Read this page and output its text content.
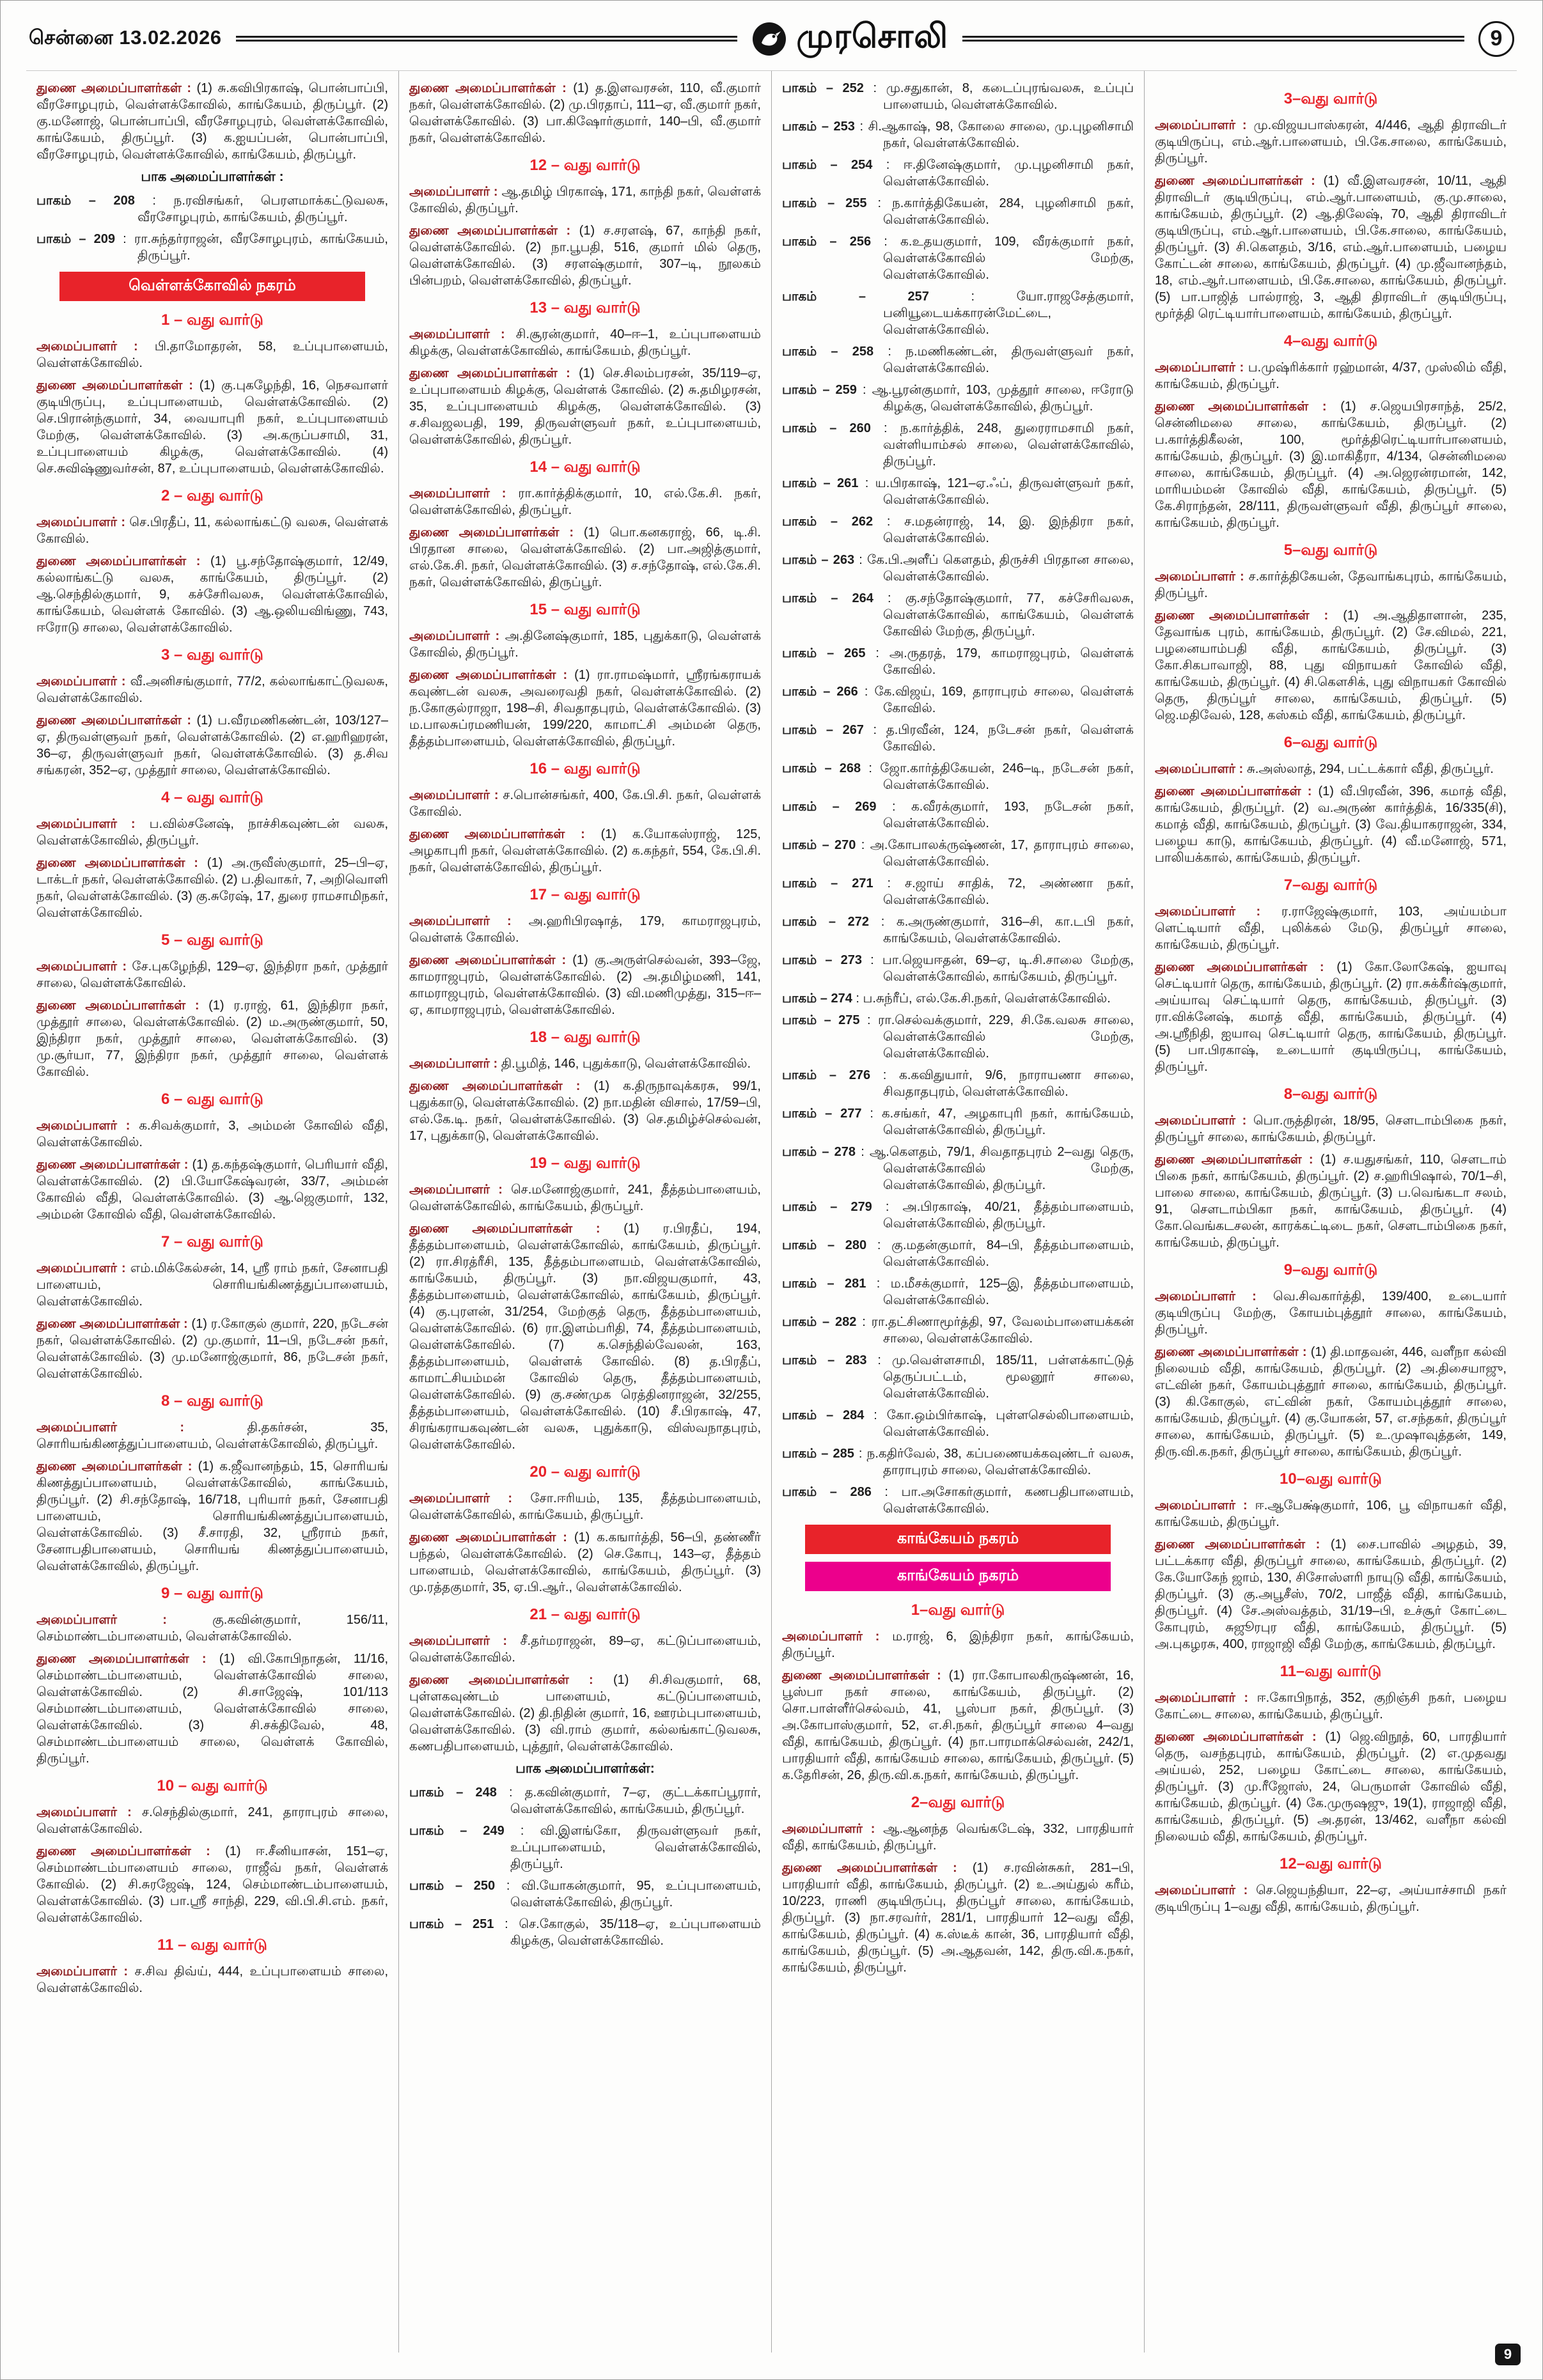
சென்னை 13.02.2026	முரசொலி	9

துணை அமைப்பாளர்கள் : (1) சு.கவிபிரகாஷ், பொன்பாப்பி, வீரசோழபுரம், வெள்ளக்கோவில், காங்கேயம், திருப்பூர். (2) கு.மனோஜ், பொன்பாப்பி, வீரசோழபுரம், வெள்ளக்கோவில், காங்கேயம், திருப்பூர். (3) க.ஐயப்பன், பொன்பாப்பி, வீரசோழபுரம், வெள்ளக்கோவில், காங்கேயம், திருப்பூர்.

பாக அமைப்பாளர்கள் :

பாகம் – 208 : ந.ரவிசங்கர், பெரளமாக்கட்டுவலசு, வீரசோழபுரம், காங்கேயம், திருப்பூர்.

பாகம் – 209 : ரா.சுந்தர்ராஜன், வீரசோழபுரம், காங்கேயம், திருப்பூர்.

வெள்ளக்கோவில் நகரம்
1 – வது வார்டு

அமைப்பாளர் : பி.தாமோதரன், 58, உப்புபாளையம், வெள்ளக்கோவில்.

துணை அமைப்பாளர்கள் : (1) கு.புகழேந்தி, 16, நெசவாளர் குடியிருப்பு, உப்புபாளையம், வெள்ளக்கோவில். (2) செ.பிரான்ந்குமார், 34, வையாபுரி நகர், உப்புபாளையம் மேற்கு, வெள்ளக்கோவில். (3) அ.கருப்பசாமி, 31, உப்புபாளையம் கிழக்கு, வெள்ளக்கோவில். (4) செ.சுவிஷ்ணுவர்சன், 87, உப்புபாளையம், வெள்ளக்கோவில்.

2 – வது வார்டு

அமைப்பாளர் : செ.பிரதீப், 11, கல்லாங்கட்டு வலசு, வெள்ளக் கோவில்.

துணை அமைப்பாளர்கள் : (1) பூ.சந்தோஷ்குமார், 12/49, கல்லாங்கட்டு வலசு, காங்கேயம், திருப்பூர். (2) ஆ.செந்தில்குமார், 9, கச்சேரிவலசு, வெள்ளக்கோவில், காங்கேயம், வெள்ளக் கோவில். (3) ஆ.ஒலியவிங்ணு, 743, ஈரோடு சாலை, வெள்ளக்கோவில்.

3 – வது வார்டு

அமைப்பாளர் : வீ.அனிசங்குமார், 77/2, கல்லாங்காட்டுவலசு, வெள்ளக்கோவில்.

துணை அமைப்பாளர்கள் : (1) ப.வீரமணிகண்டன், 103/127–ஏ, திருவள்ளுவர் நகர், வெள்ளக்கோவில். (2) எ.ஹரிஹரன், 36–ஏ, திருவள்ளுவர் நகர், வெள்ளக்கோவில். (3) த.சிவ சங்கரன், 352–ஏ, முத்தூர் சாலை, வெள்ளக்கோவில்.

4 – வது வார்டு

அமைப்பாளர் : ப.வில்சனேஷ், நாச்சிகவுண்டன் வலசு, வெள்ளக்கோவில், திருப்பூர்.

துணை அமைப்பாளர்கள் : (1) அ.ருவீஸ்குமார், 25–பி–ஏ, டாக்டர் நகர், வெள்ளக்கோவில். (2) ப.திவாகர், 7, அறிவொளி நகர், வெள்ளக்கோவில். (3) கு.சுரேஷ், 17, துரை ராமசாமிநகர், வெள்ளக்கோவில்.

5 – வது வார்டு

அமைப்பாளர் : சே.புகழேந்தி, 129–ஏ, இந்திரா நகர், முத்தூர் சாலை, வெள்ளக்கோவில்.

துணை அமைப்பாளர்கள் : (1) ர.ராஜ், 61, இந்திரா நகர், முத்தூர் சாலை, வெள்ளக்கோவில். (2) ம.அருண்குமார், 50, இந்திரா நகர், முத்தூர் சாலை, வெள்ளக்கோவில். (3) மு.சூர்யா, 77, இந்திரா நகர், முத்தூர் சாலை, வெள்ளக் கோவில்.

6 – வது வார்டு

அமைப்பாளர் : க.சிவக்குமார், 3, அம்மன் கோவில் வீதி, வெள்ளக்கோவில்.

துணை அமைப்பாளர்கள் : (1) த.கந்தஷ்குமார், பெரியார் வீதி, வெள்ளக்கோவில். (2) பி.யோகேஷ்வரன், 33/7, அம்மன் கோவில் வீதி, வெள்ளக்கோவில். (3) ஆ.ஜெகுமார், 132, அம்மன் கோவில் வீதி, வெள்ளக்கோவில்.

7 – வது வார்டு

அமைப்பாளர் : எம்.மிக்கேல்சன், 14, ஸ்ரீ ராம் நகர், சேனாபதி பாளையம், சொரியங்கிணத்துப்பாளையம், வெள்ளக்கோவில்.

துணை அமைப்பாளர்கள் : (1) ர.கோகுல் குமார், 220, நடேசன் நகர், வெள்ளக்கோவில். (2) மு.குமார், 11–பி, நடேசன் நகர், வெள்ளக்கோவில். (3) மு.மனோஜ்குமார், 86, நடேசன் நகர், வெள்ளக்கோவில்.

8 – வது வார்டு

அமைப்பாளர் : தி.தகர்சன், 35, சொரியங்கிணத்துப்பாளையம், வெள்ளக்கோவில், திருப்பூர்.

துணை அமைப்பாளர்கள் : (1) க.ஜீவானந்தம், 15, சொரியங் கிணத்துப்பாளையம், வெள்ளக்கோவில், காங்கேயம், திருப்பூர். (2) சி.சந்தோஷ், 16/718, புரியார் நகர், சேனாபதி பாளையம், சொரியங்கிணத்துப்பாளையம், வெள்ளக்கோவில். (3) சீ.சாரதி, 32, ஸ்ரீராம் நகர், சேனாபதிபாளையம், சொரியங் கிணத்துப்பாளையம், வெள்ளக்கோவில், திருப்பூர்.

9 – வது வார்டு

அமைப்பாளர் : கு.கவின்குமார், 156/11, செம்மாண்டம்பாளையம், வெள்ளக்கோவில்.

துணை அமைப்பாளர்கள் : (1) வி.கோபிநாதன், 11/16, செம்மாண்டம்பாளையம், வெள்ளக்கோவில் சாலை, வெள்ளக்கோவில். (2) சி.சாஜேஷ், 101/113 செம்மாண்டம்பாளையம், வெள்ளக்கோவில் சாலை, வெள்ளக்கோவில். (3) சி.சக்திவேல், 48, செம்மாண்டம்பாளையம் சாலை, வெள்ளக் கோவில், திருப்பூர்.

10 – வது வார்டு

அமைப்பாளர் : ச.செந்தில்குமார், 241, தாராபுரம் சாலை, வெள்ளக்கோவில்.

துணை அமைப்பாளர்கள் : (1) ஈ.சீனியாசன், 151–ஏ, செம்மாண்டம்பாளையம் சாலை, ராஜீவ் நகர், வெள்ளக் கோவில். (2) சி.சுரஜேஷ், 124, செம்மாண்டம்பாளையம், வெள்ளக்கோவில். (3) பா.ஸ்ரீ சாந்தி, 229, வி.பி.சி.எம். நகர், வெள்ளக்கோவில்.

11 – வது வார்டு

அமைப்பாளர் : ச.சிவ திவ்ய், 444, உப்புபாளையம் சாலை, வெள்ளக்கோவில்.

துணை அமைப்பாளர்கள் : (1) த.இளவரசன், 110, வீ.குமார் நகர், வெள்ளக்கோவில். (2) மு.பிரதாப், 111–ஏ, வீ.குமார் நகர், வெள்ளக்கோவில். (3) பா.கிஷோர்குமார், 140–பி, வீ.குமார் நகர், வெள்ளக்கோவில்.

12 – வது வார்டு

அமைப்பாளர் : ஆ.தமிழ் பிரகாஷ், 171, காந்தி நகர், வெள்ளக் கோவில், திருப்பூர்.

துணை அமைப்பாளர்கள் : (1) ச.சரளஷ், 67, காந்தி நகர், வெள்ளக்கோவில். (2) நா.பூபதி, 516, குமார் மில் தெரு, வெள்ளக்கோவில். (3) சரளஷ்குமார், 307–டி, நூலகம் பின்பறம், வெள்ளக்கோவில், திருப்பூர்.

13 – வது வார்டு

அமைப்பாளர் : சி.சூரன்குமார், 40–ஈ–1, உப்புபாளையம் கிழக்கு, வெள்ளக்கோவில், காங்கேயம், திருப்பூர்.

துணை அமைப்பாளர்கள் : (1) செ.சிலம்பரசன், 35/119–ஏ, உப்புபாளையம் கிழக்கு, வெள்ளக் கோவில். (2) சு.தமிழரசன், 35, உப்புபாளையம் கிழக்கு, வெள்ளக்கோவில். (3) ச.சிவஜலபதி, 199, திருவள்ளுவர் நகர், உப்புபாளையம், வெள்ளக்கோவில், திருப்பூர்.

14 – வது வார்டு

அமைப்பாளர் : ரா.கார்த்திக்குமார், 10, எல்.கே.சி. நகர், வெள்ளக்கோவில், திருப்பூர்.

துணை அமைப்பாளர்கள் : (1) பொ.கனகராஜ், 66, டி.சி. பிரதான சாலை, வெள்ளக்கோவில். (2) பா.அஜித்குமார், எல்.கே.சி. நகர், வெள்ளக்கோவில். (3) ச.சந்தோஷ், எல்.கே.சி. நகர், வெள்ளக்கோவில், திருப்பூர்.

15 – வது வார்டு

அமைப்பாளர் : அ.தினேஷ்குமார், 185, புதுக்காடு, வெள்ளக் கோவில், திருப்பூர்.

துணை அமைப்பாளர்கள் : (1) ரா.ராமஷ்மார், ஸ்ரீரங்கராயக் கவுண்டன் வலசு, அவரைவதி நகர், வெள்ளக்கோவில். (2) ந.கோகுல்ராஜா, 198–சி, சிவதாதபுரம், வெள்ளக்கோவில். (3) ம.பாலசுப்ரமணியன், 199/220, காமாட்சி அம்மன் தெரு, தீத்தம்பாளையம், வெள்ளக்கோவில், திருப்பூர்.

16 – வது வார்டு

அமைப்பாளர் : ச.பொன்சங்கர், 400, கே.பி.சி. நகர், வெள்ளக் கோவில்.

துணை அமைப்பாளர்கள் : (1) க.யோகஸ்ராஜ், 125, அழகாபுரி நகர், வெள்ளக்கோவில். (2) க.கந்தர், 554, கே.பி.சி. நகர், வெள்ளக்கோவில், திருப்பூர்.

17 – வது வார்டு

அமைப்பாளர் : அ.ஹரிபிரஷாத், 179, காமராஜபுரம், வெள்ளக் கோவில்.

துணை அமைப்பாளர்கள் : (1) கு.அருள்செல்வன், 393–ஜே, காமராஜபுரம், வெள்ளக்கோவில். (2) அ.தமிழ்மணி, 141, காமராஜபுரம், வெள்ளக்கோவில். (3) வி.மணிமுத்து, 315–ஈ–ஏ, காமராஜபுரம், வெள்ளக்கோவில்.

18 – வது வார்டு

அமைப்பாளர் : தி.பூமித், 146, புதுக்காடு, வெள்ளக்கோவில்.

துணை அமைப்பாளர்கள் : (1) க.திருநாவுக்கரசு, 99/1, புதுக்காடு, வெள்ளக்கோவில். (2) நா.மதின் விசால், 17/59–பி, எல்.கே.டி. நகர், வெள்ளக்கோவில். (3) செ.தமிழ்ச்செல்வன், 17, புதுக்காடு, வெள்ளக்கோவில்.

19 – வது வார்டு

அமைப்பாளர் : செ.மனோஜ்குமார், 241, தீத்தம்பாளையம், வெள்ளக்கோவில், காங்கேயம், திருப்பூர்.

துணை அமைப்பாளர்கள் : (1) ர.பிரதீப், 194, தீத்தம்பாளையம், வெள்ளக்கோவில், காங்கேயம், திருப்பூர். (2) ரா.சிரத்ரீசி, 135, தீத்தம்பாளையம், வெள்ளக்கோவில், காங்கேயம், திருப்பூர். (3) நா.விஜயகுமார், 43, தீத்தம்பாளையம், வெள்ளக்கோவில், காங்கேயம், திருப்பூர். (4) கு.புரளன், 31/254, மேற்குத் தெரு, தீத்தம்பாளையம், வெள்ளக்கோவில். (6) ரா.இளம்பரிதி, 74, தீத்தம்பாளையம், வெள்ளக்கோவில். (7) க.செந்தில்வேலன், 163, தீத்தம்பாளையம், வெள்ளக் கோவில். (8) த.பிரதீப், காமாட்சியம்மன் கோவில் தெரு, தீத்தம்பாளையம், வெள்ளக்கோவில். (9) கு.சண்முக ரெத்தினராஜன், 32/255, தீத்தம்பாளையம், வெள்ளக்கோவில். (10) சீ.பிரகாஷ், 47, சிரங்கராயகவுண்டன் வலசு, புதுக்காடு, விஸ்வநாதபுரம், வெள்ளக்கோவில்.

20 – வது வார்டு

அமைப்பாளர் : சோ.ஈரியம், 135, தீத்தம்பாளையம், வெள்ளக்கோவில், காங்கேயம், திருப்பூர்.

துணை அமைப்பாளர்கள் : (1) க.கஙார்த்தி, 56–பி, தண்ணீர் பந்தல், வெள்ளக்கோவில். (2) செ.கோபு, 143–ஏ, தீத்தம் பாளையம், வெள்ளக்கோவில், காங்கேயம், திருப்பூர். (3) மு.ரத்தகுமார், 35, ஏ.பி.ஆர்., வெள்ளக்கோவில்.

21 – வது வார்டு

அமைப்பாளர் : சீ.தர்மராஜன், 89–ஏ, கட்டுப்பாளையம், வெள்ளக்கோவில்.

துணை அமைப்பாளர்கள் : (1) சி.சிவகுமார், 68, புள்ளகவுண்டம் பாளையம், கட்டுப்பாளையம், வெள்ளக்கோவில். (2) தி.நிதின் குமார், 16, ஊரம்புபாளையம், வெள்ளக்கோவில். (3) வி.ராம் குமார், கல்லங்காட்டுவலசு, கணபதிபாளையம், புத்தூர், வெள்ளக்கோவில்.

பாக அமைப்பாளர்கள்:

பாகம் – 248 : த.கவின்குமார், 7–ஏ, குட்டக்காப்பூரார், வெள்ளக்கோவில், காங்கேயம், திருப்பூர்.

பாகம் – 249 : வி.இளங்கோ, திருவள்ளுவர் நகர், உப்புபாளையம், வெள்ளக்கோவில், திருப்பூர்.

பாகம் – 250 : வி.யோகன்குமார், 95, உப்புபாளையம், வெள்ளக்கோவில், திருப்பூர்.

பாகம் – 251 : செ.கோகுல், 35/118–ஏ, உப்புபாளையம் கிழக்கு, வெள்ளக்கோவில்.

பாகம் – 252 : மு.சதுகான், 8, கடைப்புரங்வலசு, உப்புப் பாளையம், வெள்ளக்கோவில்.

பாகம் – 253 : சி.ஆகாஷ், 98, கோலை சாலை, மு.புழனிசாமி நகர், வெள்ளக்கோவில்.

பாகம் – 254 : ஈ.தினேஷ்குமார், மு.புழனிசாமி நகர், வெள்ளக்கோவில்.

பாகம் – 255 : ந.கார்த்திகேயன், 284, புழனிசாமி நகர், வெள்ளக்கோவில்.

பாகம் – 256 : க.உதயகுமார், 109, வீரக்குமார் நகர், வெள்ளக்கோவில் மேற்கு, வெள்ளக்கோவில்.

பாகம் – 257 : யோ.ராஜசேத்குமார், பனியூடையக்காரன்மேட்டை, வெள்ளக்கோவில்.

பாகம் – 258 : ந.மணிகண்டன், திருவள்ளுவர் நகர், வெள்ளக்கோவில்.

பாகம் – 259 : ஆ.பூரன்குமார், 103, முத்தூர் சாலை, ஈரோடு கிழக்கு, வெள்ளக்கோவில், திருப்பூர்.

பாகம் – 260 : ந.கார்த்திக், 248, துரைராமசாமி நகர், வள்ளியாம்சல் சாலை, வெள்ளக்கோவில், திருப்பூர்.

பாகம் – 261 : ய.பிரகாஷ், 121–ஏ.ஃப், திருவள்ளுவர் நகர், வெள்ளக்கோவில்.

பாகம் – 262 : ச.மதன்ராஜ், 14, இ. இந்திரா நகர், வெள்ளக்கோவில்.

பாகம் – 263 : கே.பி.அளீப் கௌதம், திருச்சி பிரதான சாலை, வெள்ளக்கோவில்.

பாகம் – 264 : கு.சந்தோஷ்குமார், 77, கச்சேரிவலசு, வெள்ளக்கோவில், காங்கேயம், வெள்ளக் கோவில் மேற்கு, திருப்பூர்.

பாகம் – 265 : அ.ருதரத், 179, காமராஜபுரம், வெள்ளக் கோவில்.

பாகம் – 266 : கே.விஜய், 169, தாராபுரம் சாலை, வெள்ளக் கோவில்.

பாகம் – 267 : த.பிரவீன், 124, நடேசன் நகர், வெள்ளக் கோவில்.

பாகம் – 268 : ஜோ.கார்த்திகேயன், 246–டி, நடேசன் நகர், வெள்ளக்கோவில்.

பாகம் – 269 : க.வீரக்குமார், 193, நடேசன் நகர், வெள்ளக்கோவில்.

பாகம் – 270 : அ.கோபாலக்ருஷ்ணன், 17, தாராபுரம் சாலை, வெள்ளக்கோவில்.

பாகம் – 271 : ச.ஜாய் சாதிக், 72, அண்ணா நகர், வெள்ளக்கோவில்.

பாகம் – 272 : க.அருண்குமார், 316–சி, கா.டபி நகர், காங்கேயம், வெள்ளக்கோவில்.

பாகம் – 273 : பா.ஜெயஈதன், 69–ஏ, டி.சி.சாலை மேற்கு, வெள்ளக்கோவில், காங்கேயம், திருப்பூர்.

பாகம் – 274 : ப.சுந்ரீப், எல்.கே.சி.நகர், வெள்ளக்கோவில்.

பாகம் – 275 : ரா.செல்வக்குமார், 229, சி.கே.வலசு சாலை, வெள்ளக்கோவில் மேற்கு, வெள்ளக்கோவில்.

பாகம் – 276 : க.கவிதுயார், 9/6, நாராயணா சாலை, சிவதாதபுரம், வெள்ளக்கோவில்.

பாகம் – 277 : க.சங்கர், 47, அழகாபுரி நகர், காங்கேயம், வெள்ளக்கோவில், திருப்பூர்.

பாகம் – 278 : ஆ.கௌதம், 79/1, சிவதாதபுரம் 2–வது தெரு, வெள்ளக்கோவில் மேற்கு, வெள்ளக்கோவில், திருப்பூர்.

பாகம் – 279 : அ.பிரகாஷ், 40/21, தீத்தம்பாளையம், வெள்ளக்கோவில், திருப்பூர்.

பாகம் – 280 : கு.மதன்குமார், 84–பி, தீத்தம்பாளையம், வெள்ளக்கோவில்.

பாகம் – 281 : ம.மீசக்குமார், 125–இ, தீத்தம்பாளையம், வெள்ளக்கோவில்.

பாகம் – 282 : ரா.தட்சிணாமூர்த்தி, 97, வேலம்பாளையக்கன் சாலை, வெள்ளக்கோவில்.

பாகம் – 283 : மு.வெள்ளசாமி, 185/11, பள்ளக்காட்டுத் தெருப்பட்டம், மூலனூர் சாலை, வெள்ளக்கோவில்.

பாகம் – 284 : கோ.ஒம்பிர்காஷ், புள்ளசெல்லிபாளையம், வெள்ளக்கோவில்.

பாகம் – 285 : ந.கதிர்வேல், 38, கப்பணையக்கவுண்டர் வலசு, தாராபுரம் சாலை, வெள்ளக்கோவில்.

பாகம் – 286 : பா.அசோகர்குமார், கணபதிபாளையம், வெள்ளக்கோவில்.

காங்கேயம் நகரம்
காங்கேயம் நகரம்
1–வது வார்டு

அமைப்பாளர் : ம.ராஜ், 6, இந்திரா நகர், காங்கேயம், திருப்பூர்.

துணை அமைப்பாளர்கள் : (1) ரா.கோபாலகிருஷ்ணன், 16, பூஸ்பா நகர் சாலை, காங்கேயம், திருப்பூர். (2) சொ.பாள்ளீர்செல்வம், 41, பூஸ்பா நகர், திருப்பூர். (3) அ.கோபாஸ்குமார், 52, எ.சி.நகர், திருப்பூர் சாலை 4–வது வீதி, காங்கேயம், திருப்பூர். (4) நா.பாரமாக்செல்வன், 242/1, பாரதியார் வீதி, காங்கேயம் சாலை, காங்கேயம், திருப்பூர். (5) க.தேரிசன், 26, திரு.வி.க.நகர், காங்கேயம், திருப்பூர்.

2–வது வார்டு

அமைப்பாளர் : ஆ.ஆனந்த வெங்கடேஷ், 332, பாரதியார் வீதி, காங்கேயம், திருப்பூர்.

துணை அமைப்பாளர்கள் : (1) ச.ரவின்சுகர், 281–பி, பாரதியார் வீதி, காங்கேயம், திருப்பூர். (2) உ.அய்துல் கரீம், 10/223, ராணி குடியிருப்பு, திருப்பூர் சாலை, காங்கேயம், திருப்பூர். (3) நா.சரவர்ர், 281/1, பாரதியார் 12–வது வீதி, காங்கேயம், திருப்பூர். (4) க.ஸ்டீக் கான், 36, பாரதியார் வீதி, காங்கேயம், திருப்பூர். (5) அ.ஆதவன், 142, திரு.வி.க.நகர், காங்கேயம், திருப்பூர்.

3–வது வார்டு

அமைப்பாளர் : மு.விஜயபாஸ்கரன், 4/446, ஆதி திராவிடர் குடியிருப்பு, எம்.ஆர்.பாளையம், பி.கே.சாலை, காங்கேயம், திருப்பூர்.

துணை அமைப்பாளர்கள் : (1) வீ.இளவரசன், 10/11, ஆதி திராவிடர் குடியிருப்பு, எம்.ஆர்.பாளையம், கு.மு.சாலை, காங்கேயம், திருப்பூர். (2) ஆ.திலேஷ், 70, ஆதி திராவிடர் குடியிருப்பு, எம்.ஆர்.பாளையம், பி.கே.சாலை, காங்கேயம், திருப்பூர். (3) சி.கௌதம், 3/16, எம்.ஆர்.பாளையம், பழைய கோட்டன் சாலை, காங்கேயம், திருப்பூர். (4) மு.ஜீவானந்தம், 18, எம்.ஆர்.பாளையம், பி.கே.சாலை, காங்கேயம், திருப்பூர். (5) பா.பாஜித் பால்ராஜ், 3, ஆதி திராவிடர் குடியிருப்பு, மூர்த்தி ரெட்டியார்பாளையம், காங்கேயம், திருப்பூர்.

4–வது வார்டு

அமைப்பாளர் : ப.முஷ்ரிக்கார் ரஹ்மான், 4/37, முஸ்லிம் வீதி, காங்கேயம், திருப்பூர்.

துணை அமைப்பாளர்கள் : (1) ச.ஜெயபிரசாந்த், 25/2, சென்னிமலை சாலை, காங்கேயம், திருப்பூர். (2) ப.கார்த்திகீலன், 100, மூர்த்திரெட்டியார்பாளையம், காங்கேயம், திருப்பூர். (3) இ.மாகிதீரா, 4/134, சென்னிமலை சாலை, காங்கேயம், திருப்பூர். (4) அ.ஜெரன்ரமான், 142, மாரியம்மன் கோவில் வீதி, காங்கேயம், திருப்பூர். (5) கே.சிராந்தன், 28/111, திருவள்ளுவர் வீதி, திருப்பூர் சாலை, காங்கேயம், திருப்பூர்.

5–வது வார்டு

அமைப்பாளர் : ச.கார்த்திகேயன், தேவாங்கபுரம், காங்கேயம், திருப்பூர்.

துணை அமைப்பாளர்கள் : (1) அ.ஆதிதாளான், 235, தேவாங்க புரம், காங்கேயம், திருப்பூர். (2) சே.விமல், 221, பழனையாம்பதி வீதி, காங்கேயம், திருப்பூர். (3) கோ.சிகபாவாஜி, 88, புது விநாயகர் கோவில் வீதி, காங்கேயம், திருப்பூர். (4) சி.கௌசிக், புது விநாயகர் கோவில் தெரு, திருப்பூர் சாலை, காங்கேயம், திருப்பூர். (5) ஜெ.மதிவேல், 128, கஸ்கம் வீதி, காங்கேயம், திருப்பூர்.

6–வது வார்டு

அமைப்பாளர் : சு.அஸ்லாத், 294, பட்டக்கார் வீதி, திருப்பூர்.

துணை அமைப்பாளர்கள் : (1) வீ.பிரவீன், 396, கமாத் வீதி, காங்கேயம், திருப்பூர். (2) வ.அருண் கார்த்திக், 16/335(சி), கமாத் வீதி, காங்கேயம், திருப்பூர். (3) வே.தியாகராஜன், 334, பழைய காடு, காங்கேயம், திருப்பூர். (4) வீ.மனோஜ், 571, பாலியக்கால், காங்கேயம், திருப்பூர்.

7–வது வார்டு

அமைப்பாளர் : ர.ராஜேஷ்குமார், 103, அய்யம்பா ளெட்டியார் வீதி, புலிக்கல் மேடு, திருப்பூர் சாலை, காங்கேயம், திருப்பூர்.

துணை அமைப்பாளர்கள் : (1) கோ.லோகேஷ், ஐயாவு செட்டியார் தெரு, காங்கேயம், திருப்பூர். (2) ரா.சுக்கீர்ஷ்குமார், அய்யாவு செட்டியார் தெரு, காங்கேயம், திருப்பூர். (3) ரா.விக்னேஷ், கமாத் வீதி, காங்கேயம், திருப்பூர். (4) அ.ஸ்ரீநிதி, ஐயாவு செட்டியார் தெரு, காங்கேயம், திருப்பூர். (5) பா.பிரகாஷ், உடையார் குடியிருப்பு, காங்கேயம், திருப்பூர்.

8–வது வார்டு

அமைப்பாளர் : பொ.ருத்திரன், 18/95, சௌடாம்பிகை நகர், திருப்பூர் சாலை, காங்கேயம், திருப்பூர்.

துணை அமைப்பாளர்கள் : (1) ச.யதுசங்கர், 110, சௌடாம் பிகை நகர், காங்கேயம், திருப்பூர். (2) ச.ஹரிபிஷால், 70/1–சி, பாலை சாலை, காங்கேயம், திருப்பூர். (3) ப.வெங்கடா சலம், 91, சௌடாம்பிகா நகர், காங்கேயம், திருப்பூர். (4) கோ.வெங்கடசலன், காரக்கட்டிடை நகர், சௌடாம்பிகை நகர், காங்கேயம், திருப்பூர்.

9–வது வார்டு

அமைப்பாளர் : வெ.சிவகார்த்தி, 139/400, உடையார் குடியிருப்பு மேற்கு, கோயம்புத்தூர் சாலை, காங்கேயம், திருப்பூர்.

துணை அமைப்பாளர்கள் : (1) தி.மாதவன், 446, வளீநா கல்வி நிலையம் வீதி, காங்கேயம், திருப்பூர். (2) அ.திசையாஜு, எட்வின் நகர், கோயம்புத்தூர் சாலை, காங்கேயம், திருப்பூர். (3) கி.கோகுல், எட்வின் நகர், கோயம்புத்தூர் சாலை, காங்கேயம், திருப்பூர். (4) கு.யோகன், 57, எ.சந்தகர், திருப்பூர் சாலை, காங்கேயம், திருப்பூர். (5) உ.முஷாவுத்தன், 149, திரு.வி.க.நகர், திருப்பூர் சாலை, காங்கேயம், திருப்பூர்.

10–வது வார்டு

அமைப்பாளர் : ஈ.ஆபேக்ஷ்குமார், 106, பூ விநாயகர் வீதி, காங்கேயம், திருப்பூர்.

துணை அமைப்பாளர்கள் : (1) சை.பாவில் அழதம், 39, பட்டக்கார வீதி, திருப்பூர் சாலை, காங்கேயம், திருப்பூர். (2) கே.யோகேந் ஜாம், 130, சிசோஸ்ளரி நாயுடு வீதி, காங்கேயம், திருப்பூர். (3) கு.அபூசீஸ், 70/2, பாஜீத் வீதி, காங்கேயம், திருப்பூர். (4) சே.அஸ்வத்தம், 31/19–பி, உச்சூர் கோட்டை கோபுரம், சுஜூரபுர வீதி, காங்கேயம், திருப்பூர். (5) அ.புகழரசு, 400, ராஜாஜி வீதி மேற்கு, காங்கேயம், திருப்பூர்.

11–வது வார்டு

அமைப்பாளர் : ஈ.கோபிநாத், 352, குறிஞ்சி நகர், பழைய கோட்டை சாலை, காங்கேயம், திருப்பூர்.

துணை அமைப்பாளர்கள் : (1) ஜெ.விநூத், 60, பாரதியார் தெரு, வசந்தபுரம், காங்கேயம், திருப்பூர். (2) எ.முதவது அய்யல், 252, பழைய கோட்டை சாலை, காங்கேயம், திருப்பூர். (3) மு.ரீஜோஸ், 24, பெருமாள் கோவில் வீதி, காங்கேயம், திருப்பூர். (4) கே.முருஷஜு, 19(1), ராஜாஜி வீதி, காங்கேயம், திருப்பூர். (5) அ.தரன், 13/462, வளீநா கல்வி நிலையம் வீதி, காங்கேயம், திருப்பூர்.

12–வது வார்டு

அமைப்பாளர் : செ.ஜெயந்தியா, 22–ஏ, அய்யாச்சாமி நகர் குடியிருப்பு 1–வது வீதி, காங்கேயம், திருப்பூர்.

9
